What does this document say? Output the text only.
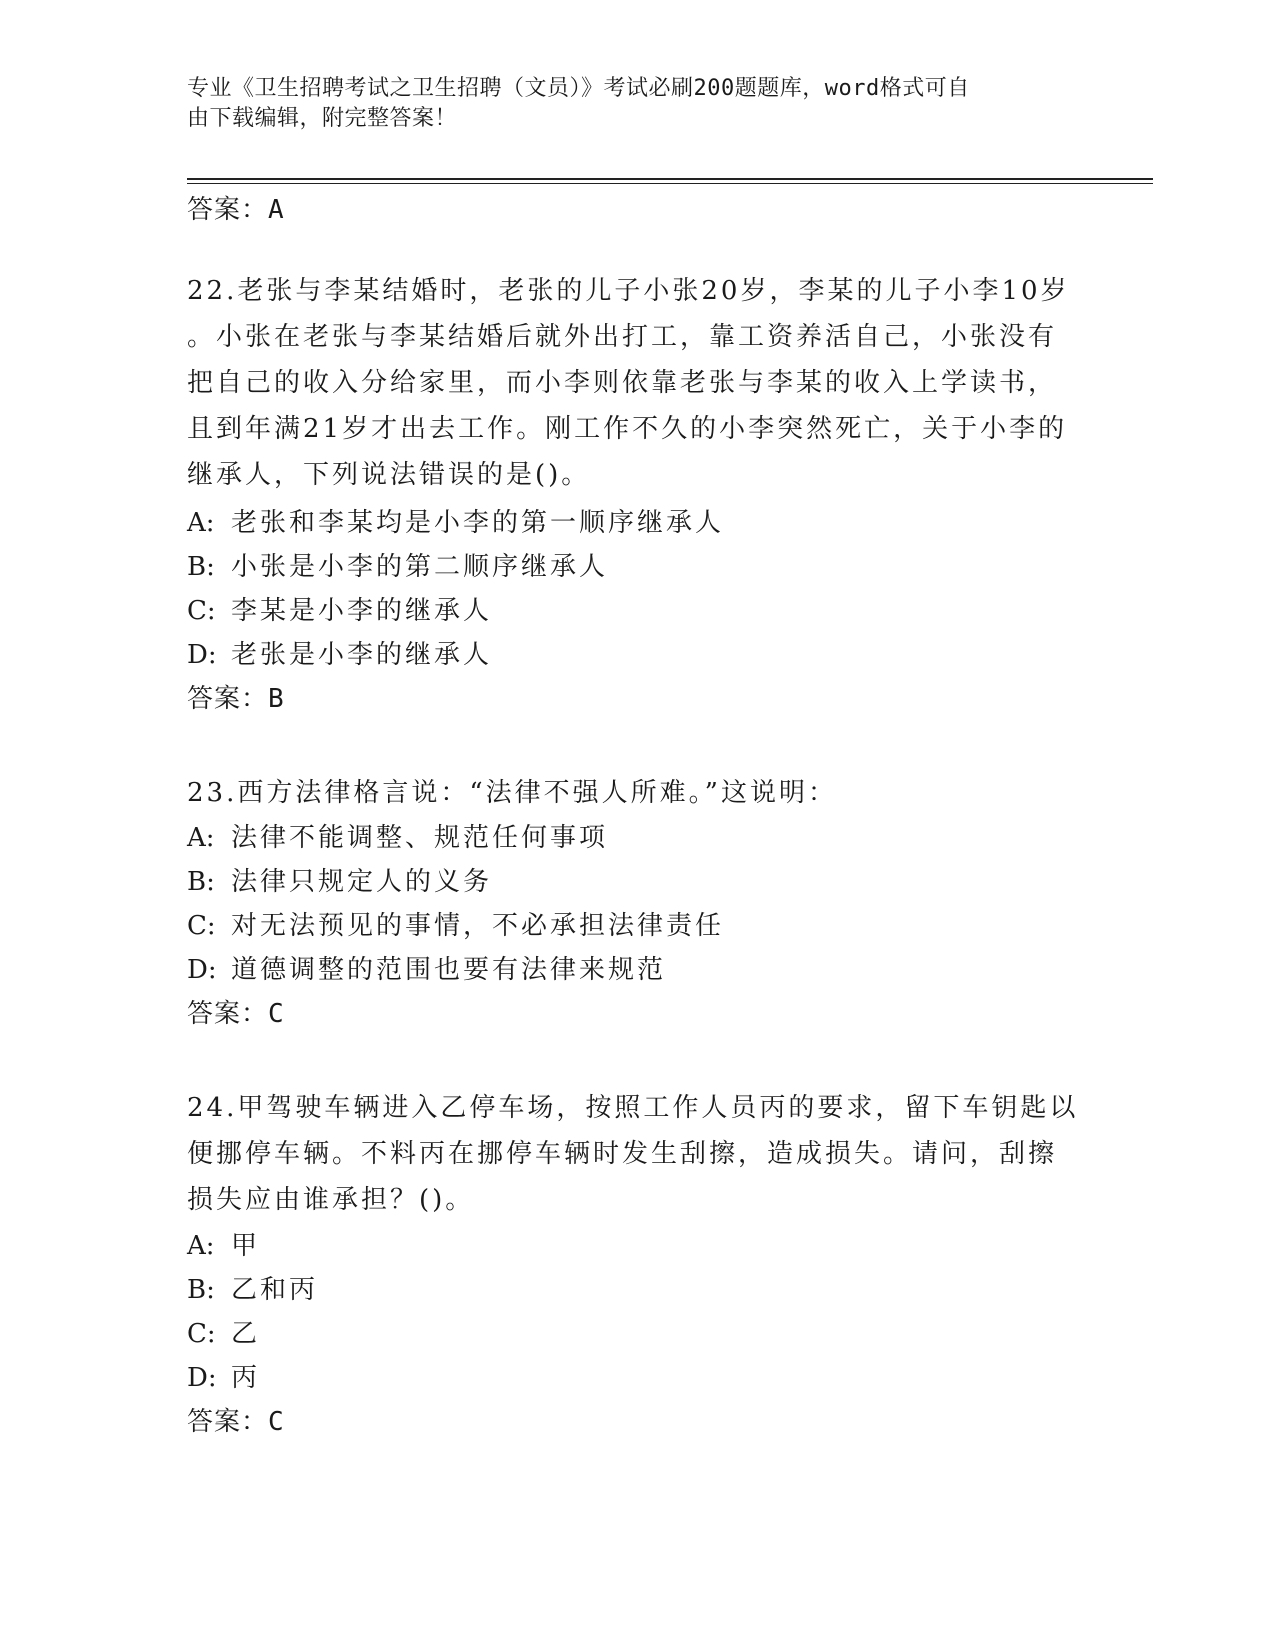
专业《卫生招聘考试之卫生招聘（文员）》考试必刷200题题库，word格式可自
由下载编辑，附完整答案！
答案：A
22.老张与李某结婚时，老张的儿子小张20岁，李某的儿子小李10岁
。小张在老张与李某结婚后就外出打工，靠工资养活自己，小张没有
把自己的收入分给家里，而小李则依靠老张与李某的收入上学读书，
且到年满21岁才出去工作。刚工作不久的小李突然死亡，关于小李的
继承人，下列说法错误的是()。
A: 老张和李某均是小李的第一顺序继承人
B: 小张是小李的第二顺序继承人
C: 李某是小李的继承人
D: 老张是小李的继承人
答案：B
23.西方法律格言说：“法律不强人所难。”这说明：
A: 法律不能调整、规范任何事项
B: 法律只规定人的义务
C: 对无法预见的事情，不必承担法律责任
D: 道德调整的范围也要有法律来规范
答案：C
24.甲驾驶车辆进入乙停车场，按照工作人员丙的要求，留下车钥匙以
便挪停车辆。不料丙在挪停车辆时发生刮擦，造成损失。请问，刮擦
损失应由谁承担？()。
A: 甲
B: 乙和丙
C: 乙
D: 丙
答案：C
